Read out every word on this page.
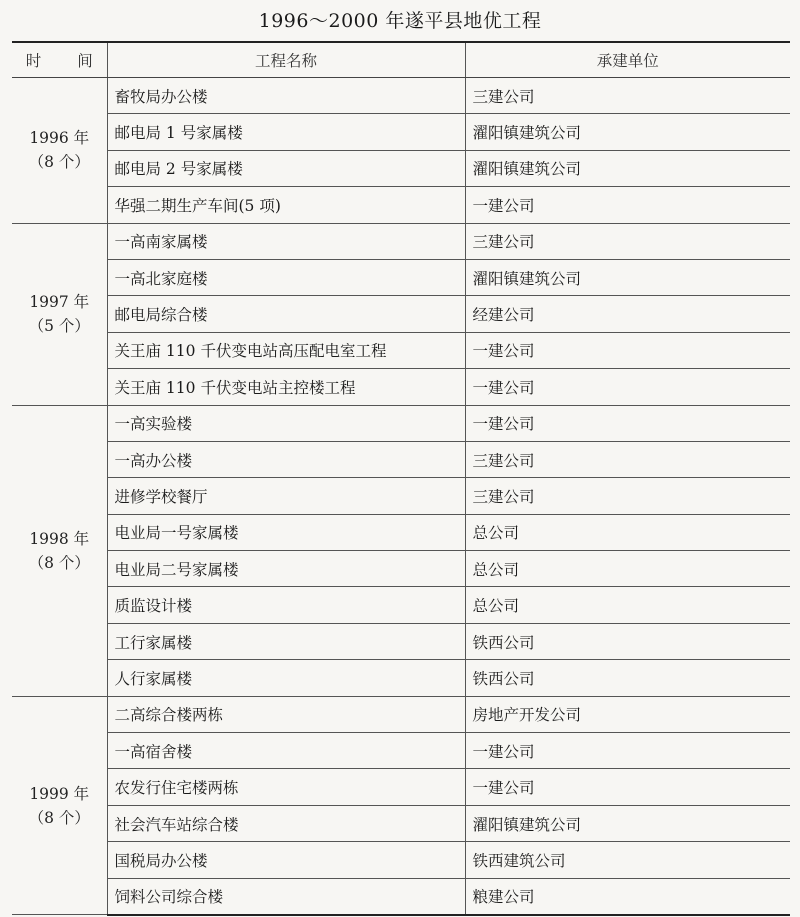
1996～2000 年遂平县地优工程
时 间	工程名称	承建单位

1996 年
（8 个）	畜牧局办公楼	三建公司
	邮电局 1 号家属楼	濯阳镇建筑公司
	邮电局 2 号家属楼	濯阳镇建筑公司
	华强二期生产车间(5 项)	一建公司

1997 年
（5 个）	一高南家属楼	三建公司
	一高北家庭楼	濯阳镇建筑公司
	邮电局综合楼	经建公司
	关王庙 110 千伏变电站高压配电室工程	一建公司
	关王庙 110 千伏变电站主控楼工程	一建公司

1998 年
（8 个）	一高实验楼	一建公司
	一高办公楼	三建公司
	进修学校餐厅	三建公司
	电业局一号家属楼	总公司
	电业局二号家属楼	总公司
	质监设计楼	总公司
	工行家属楼	铁西公司
	人行家属楼	铁西公司

1999 年
（8 个）	二高综合楼两栋	房地产开发公司
	一高宿舍楼	一建公司
	农发行住宅楼两栋	一建公司
	社会汽车站综合楼	濯阳镇建筑公司
	国税局办公楼	铁西建筑公司
	饲料公司综合楼	粮建公司
